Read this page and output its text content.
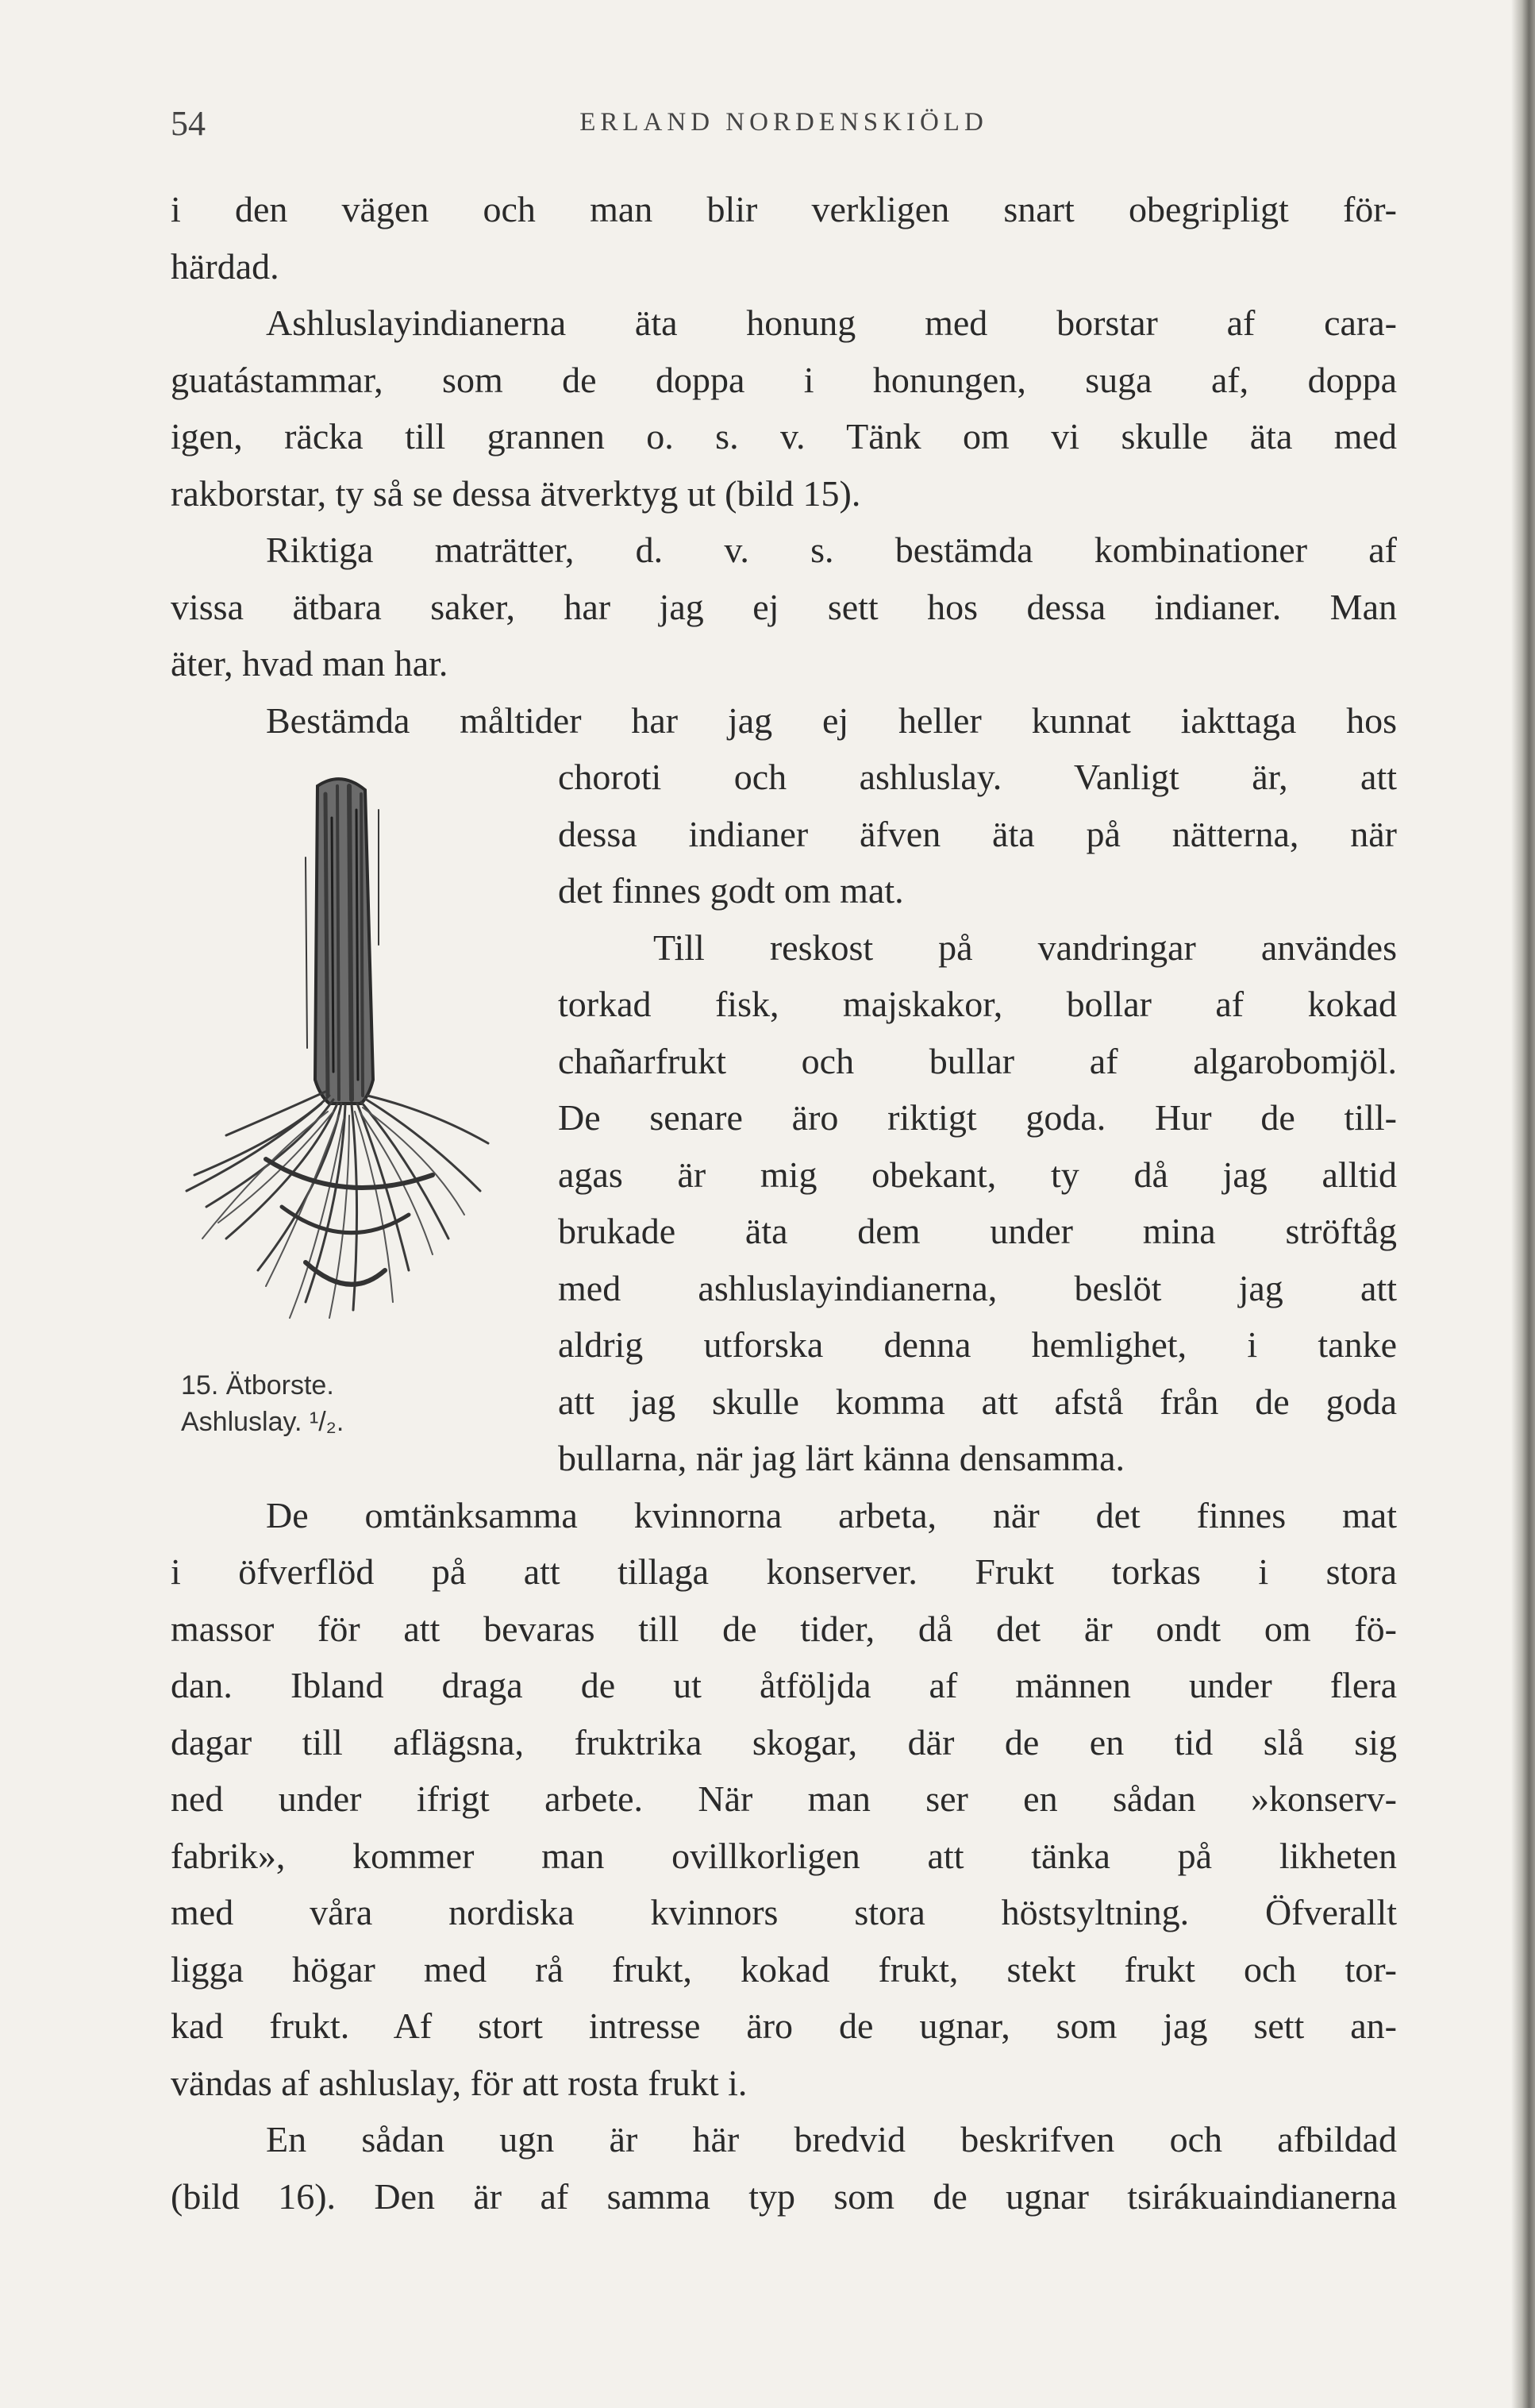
54	ERLAND NORDENSKIÖLD
15. Ätborste.
Ashluslay. ¹/₂.
i den vägen och man blir verkligen snart obegripligt för-
härdad.
Ashluslayindianerna äta honung med borstar af cara-
guatástammar, som de doppa i honungen, suga af, doppa
igen, räcka till grannen o. s. v. Tänk om vi skulle äta med
rakborstar, ty så se dessa ätverktyg ut (bild 15).
Riktiga maträtter, d. v. s. bestämda kombinationer af
vissa ätbara saker, har jag ej sett hos dessa indianer. Man
äter, hvad man har.
Bestämda måltider har jag ej heller kunnat iakttaga hos
choroti och ashluslay. Vanligt är, att
dessa indianer äfven äta på nätterna, när
det finnes godt om mat.
Till reskost på vandringar användes
torkad fisk, majskakor, bollar af kokad
chañarfrukt och bullar af algarobomjöl.
De senare äro riktigt goda. Hur de till-
agas är mig obekant, ty då jag alltid
brukade äta dem under mina ströftåg
med ashluslayindianerna, beslöt jag att
aldrig utforska denna hemlighet, i tanke
att jag skulle komma att afstå från de goda
bullarna, när jag lärt känna densamma.
De omtänksamma kvinnorna arbeta, när det finnes mat
i öfverflöd på att tillaga konserver. Frukt torkas i stora
massor för att bevaras till de tider, då det är ondt om fö-
dan. Ibland draga de ut åtföljda af männen under flera
dagar till aflägsna, fruktrika skogar, där de en tid slå sig
ned under ifrigt arbete. När man ser en sådan »konserv-
fabrik», kommer man ovillkorligen att tänka på likheten
med våra nordiska kvinnors stora höstsyltning. Öfverallt
ligga högar med rå frukt, kokad frukt, stekt frukt och tor-
kad frukt. Af stort intresse äro de ugnar, som jag sett an-
vändas af ashluslay, för att rosta frukt i.
En sådan ugn är här bredvid beskrifven och afbildad
(bild 16). Den är af samma typ som de ugnar tsirákuaindianerna
